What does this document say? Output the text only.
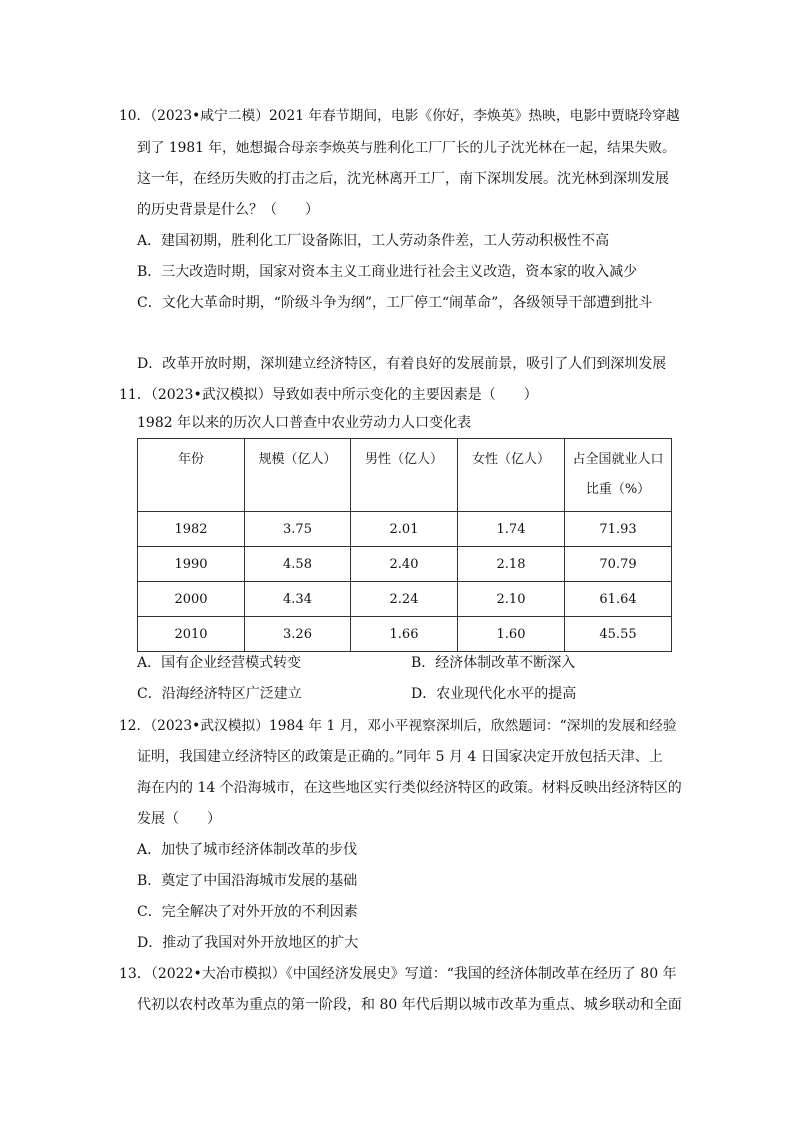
10．（2023•咸宁二模）2021 年春节期间，电影《你好，李焕英》热映，电影中贾晓玲穿越
到了 1981 年，她想撮合母亲李焕英与胜利化工厂厂长的儿子沈光林在一起，结果失败。
这一年，在经历失败的打击之后，沈光林离开工厂，南下深圳发展。沈光林到深圳发展
的历史背景是什么？（　　）
A．建国初期，胜利化工厂设备陈旧，工人劳动条件差，工人劳动积极性不高
B．三大改造时期，国家对资本主义工商业进行社会主义改造，资本家的收入减少
C．文化大革命时期，“阶级斗争为纲”，工厂停工“闹革命”，各级领导干部遭到批斗
D．改革开放时期，深圳建立经济特区，有着良好的发展前景，吸引了人们到深圳发展
11．（2023•武汉模拟）导致如表中所示变化的主要因素是（　　）
1982 年以来的历次人口普查中农业劳动力人口变化表
年份	规模（亿人）	男性（亿人）	女性（亿人）	占全国就业人口
比重（%）
1982	3.75	2.01	1.74	71.93
1990	4.58	2.40	2.18	70.79
2000	4.34	2.24	2.10	61.64
2010	3.26	1.66	1.60	45.55
A．国有企业经营模式转变	B．经济体制改革不断深入
C．沿海经济特区广泛建立	D．农业现代化水平的提高
12．（2023•武汉模拟）1984 年 1 月，邓小平视察深圳后，欣然题词：“深圳的发展和经验
证明，我国建立经济特区的政策是正确的。”同年 5 月 4 日国家决定开放包括天津、上
海在内的 14 个沿海城市，在这些地区实行类似经济特区的政策。材料反映出经济特区的
发展（　　）
A．加快了城市经济体制改革的步伐
B．奠定了中国沿海城市发展的基础
C．完全解决了对外开放的不利因素
D．推动了我国对外开放地区的扩大
13．（2022•大冶市模拟）《中国经济发展史》写道：“我国的经济体制改革在经历了 80 年
代初以农村改革为重点的第一阶段，和 80 年代后期以城市改革为重点、城乡联动和全面
